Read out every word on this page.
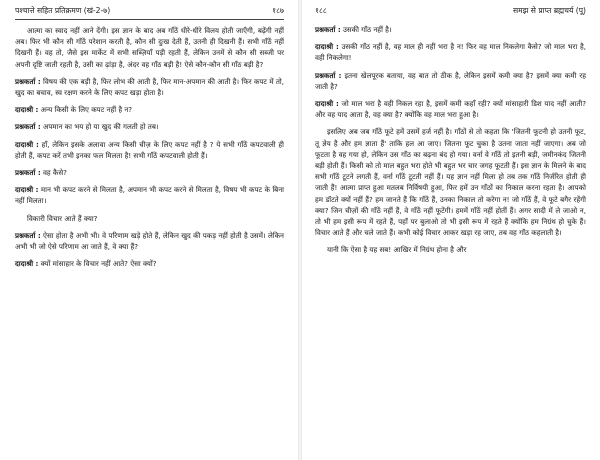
पश्चात्ते सहित प्रतिक्रमण (खं-2-७)	१८७

आत्मा का स्वाद नहीं आने देंगी। इस ज्ञान के बाद अब गाँठें धीरे-धीरे विलय होती जाएँगी, बढ़ेंगी नहीं अब। फिर भी कौन सी गाँठें परेशान करती है, कौन सी दुःख देती हैं, उतनी ही दिखनी हैं। सभी गाँठें नहीं दिखनी हैं। वह तो, जैसे इस मार्केट में सभी सब्ज़ियाँ पड़ी रहती हैं, लेकिन उनमें से कौन सी सब्जी पर अपनी दृष्टि जाती रहती है, उसी का ढ़ांड़ा है, अंदर वह गाँठ बड़ी है! ऐसे कौन-कौन सी गाँठ बड़ी है?

प्रश्नकर्ता : विषय की एक बड़ी है, फिर लोभ की आती है, फिर मान-अपमान की आती है। फिर कपट में तो, खुद का बचाव, स्व रक्षण करने के लिए कपट खड़ा होता है।

दादाश्री : अन्य किसी के लिए कपट नहीं है न?

प्रश्नकर्ता : अपमान का भय हो या खुद की गलती हो तब।

दादाश्री : हाँ, लेकिन इसके अलावा अन्य किसी चीज़ के लिए कपट नहीं है ? ये सभी गाँठें कपटवाली ही होती हैं, कपट करें तभी इनका फल मिलता है! सभी गाँठें कपटवाली होती हैं।

प्रश्नकर्ता : वह कैसे?

दादाश्री : मान भी कपट करने से मिलता है, अपमान भी कपट करने से मिलता है, विषय भी कपट के बिना नहीं मिलता।

विकारी विचार आते हैं क्या?

प्रश्नकर्ता : ऐसा होता है अभी भी। वे परिणाम खड़े होते हैं, लेकिन खुद की पकड़ नहीं होती है उसमें। लेकिन अभी भी जो ऐसे परिणाम आ जाते हैं, वे क्या हैं?

दादाश्री : क्यों मांसाहार के विचार नहीं आते? ऐसा क्यों?

१८८	समझ से प्राप्त ब्रह्मचर्य (पू)

प्रश्नकर्ता : उसकी गाँठ नहीं है।

दादाश्री : उसकी गाँठ नहीं है, वह माल ही नहीं भरा है न! फिर वह माल निकलेगा कैसे? जो माल भरा है, वही निकलेगा!

प्रश्नकर्ता : इतना खेलपूरक बताया, वह बात तो ठीक है, लेकिन इसमें कमी क्या है? इसमें क्या कमी रह जाती है?

दादाश्री : जो माल भरा है वही निकल रहा है, इसमें कमी कहाँ रही? क्यों मांसाहारी डिश याद नहीं आती? और वह याद आता है, वह क्या है? क्योंकि वह माल भरा हुआ है।

इसलिए अब जब गाँठें फूटे हमें उसमें हर्ज नहीं है। गाँठों से तो कहता कि 'जितनी फूटनी हो उतनी फूट, तू ज्ञेय है और हम ज्ञाता हैं' ताकि हल आ जाए। जितना फूट चुका है उतना जाता नहीं जाएगा। अब जो फूटता है वह गया हो, लेकिन उस गाँठ का बढ़ना बंद हो गया। वर्ना वे गाँठें तो इतनी बड़ी, जमीनकंद जितनी बड़ी होती हैं। किसी को तो माल बहुत भरा होते भी बहुत भर चार जगह फूटती हैं। इस ज्ञान के मिलने के बाद सभी गाँठें टूटने लगती हैं, वर्ना गाँठें टूटती नहीं हैं। यह ज्ञान नहीं मिला हो तब तक गाँठें निर्जरित होती ही जाती हैं! आत्मा प्राप्त हुआ मतलब निर्विषयी हुआ, फिर हमें उन गाँठों का निकाल करना रहता है। आपको हम डॉटते क्यों नहीं हैं? हम जानते हैं कि गाँठें हैं, उनका निकाल तो करेगा न! जो गाँठें हैं, वे फूटे बगैर रहेंगी क्या? जिन चीज़ों की गाँठें नहीं हैं, वे गाँठें नहीं फूटेंगी। हममें गाँठें नहीं होतीं हैं। अगर सादी में ले जाओ न, तो भी हम इसी रूप में रहते हैं, पहाँ पर बुलाओ तो भी इसी रूप में रहते हैं क्योंकि हम निग्रंथ हो चुके हैं। विचार आते हैं और चले जाते हैं। कभी कोई विचार आकर खड़ा रह जाए, तब वह गाँठ कहलाती है।

यानी कि ऐसा है यह सब! आखिर में निग्रंथ होना है और
